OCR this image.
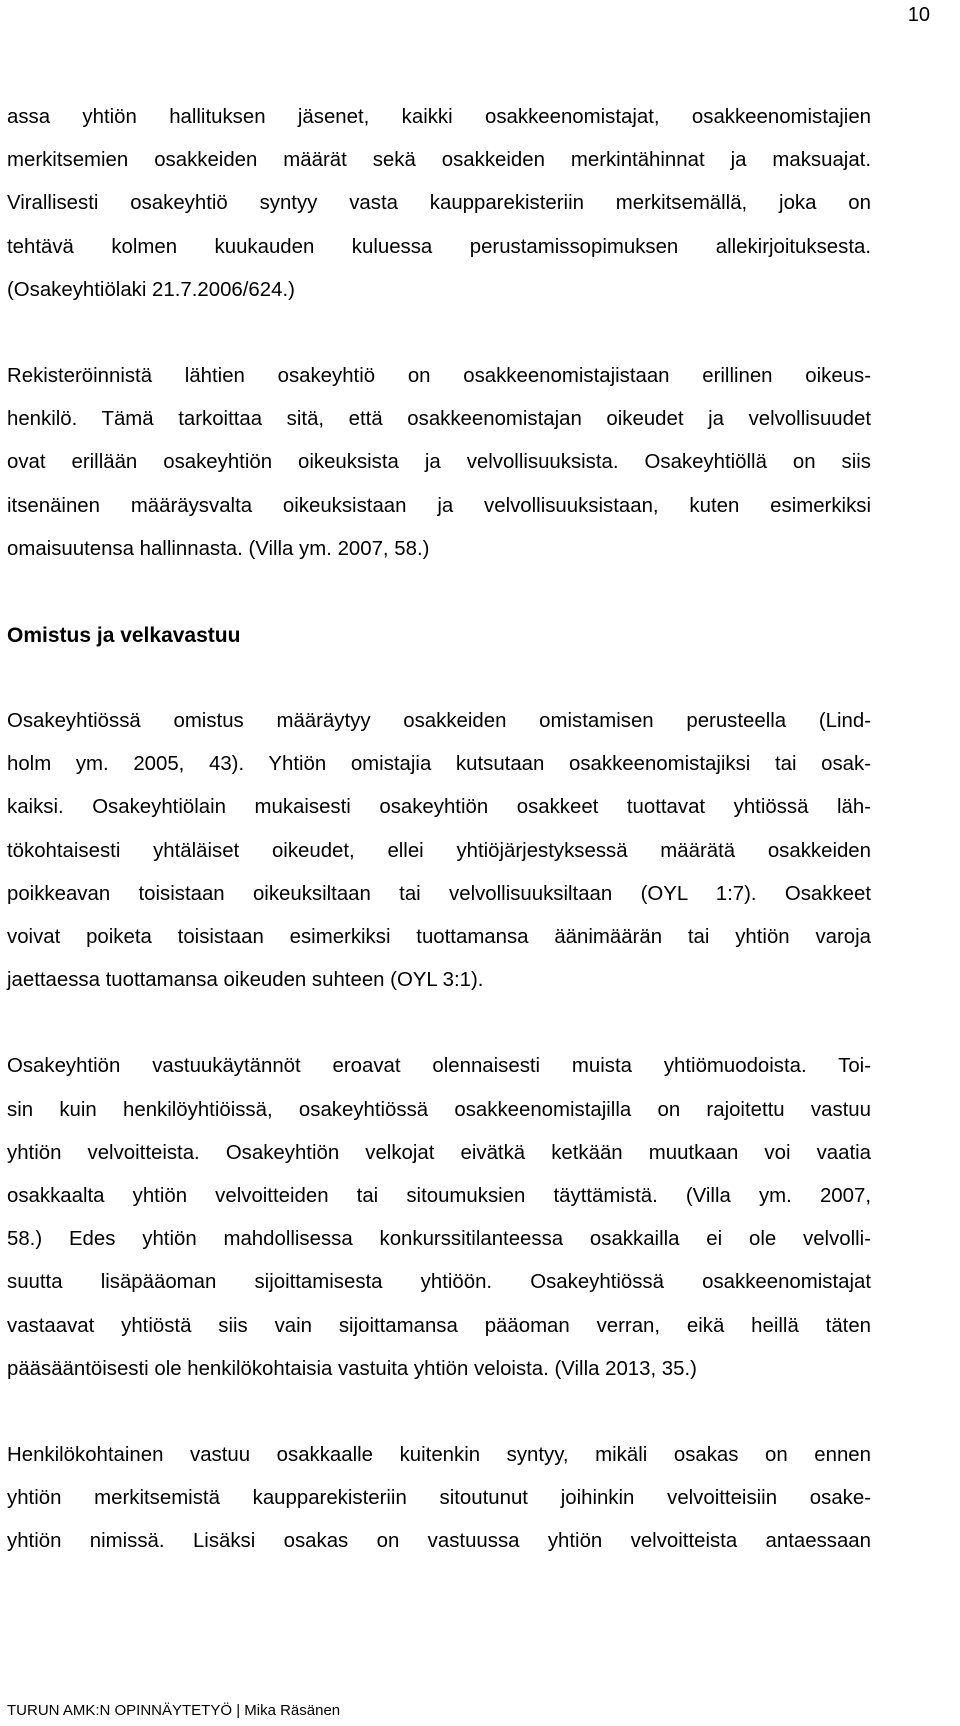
10
assa yhtiön hallituksen jäsenet, kaikki osakkeenomistajat, osakkeenomistajien
merkitsemien osakkeiden määrät sekä osakkeiden merkintähinnat ja maksuajat.
Virallisesti osakeyhtiö syntyy vasta kaupparekisteriin merkitsemällä, joka on
tehtävä kolmen kuukauden kuluessa perustamissopimuksen allekirjoituksesta.
(Osakeyhtiölaki 21.7.2006/624.)
Rekisteröinnistä lähtien osakeyhtiö on osakkeenomistajistaan erillinen oikeus-
henkilö. Tämä tarkoittaa sitä, että osakkeenomistajan oikeudet ja velvollisuudet
ovat erillään osakeyhtiön oikeuksista ja velvollisuuksista. Osakeyhtiöllä on siis
itsenäinen määräysvalta oikeuksistaan ja velvollisuuksistaan, kuten esimerkiksi
omaisuutensa hallinnasta. (Villa ym. 2007, 58.)
Omistus ja velkavastuu
Osakeyhtiössä omistus määräytyy osakkeiden omistamisen perusteella (Lind-
holm ym. 2005, 43). Yhtiön omistajia kutsutaan osakkeenomistajiksi tai osak-
kaiksi. Osakeyhtiölain mukaisesti osakeyhtiön osakkeet tuottavat yhtiössä läh-
tökohtaisesti yhtäläiset oikeudet, ellei yhtiöjärjestyksessä määrätä osakkeiden
poikkeavan toisistaan oikeuksiltaan tai velvollisuuksiltaan (OYL 1:7). Osakkeet
voivat poiketa toisistaan esimerkiksi tuottamansa äänimäärän tai yhtiön varoja
jaettaessa tuottamansa oikeuden suhteen (OYL 3:1).
Osakeyhtiön vastuukäytännöt eroavat olennaisesti muista yhtiömuodoista. Toi-
sin kuin henkilöyhtiöissä, osakeyhtiössä osakkeenomistajilla on rajoitettu vastuu
yhtiön velvoitteista. Osakeyhtiön velkojat eivätkä ketkään muutkaan voi vaatia
osakkaalta yhtiön velvoitteiden tai sitoumuksien täyttämistä. (Villa ym. 2007,
58.) Edes yhtiön mahdollisessa konkurssitilanteessa osakkailla ei ole velvolli-
suutta lisäpääoman sijoittamisesta yhtiöön. Osakeyhtiössä osakkeenomistajat
vastaavat yhtiöstä siis vain sijoittamansa pääoman verran, eikä heillä täten
pääsääntöisesti ole henkilökohtaisia vastuita yhtiön veloista. (Villa 2013, 35.)
Henkilökohtainen vastuu osakkaalle kuitenkin syntyy, mikäli osakas on ennen
yhtiön merkitsemistä kaupparekisteriin sitoutunut joihinkin velvoitteisiin osake-
yhtiön nimissä. Lisäksi osakas on vastuussa yhtiön velvoitteista antaessaan
TURUN AMK:N OPINNÄYTETYÖ | Mika Räsänen
